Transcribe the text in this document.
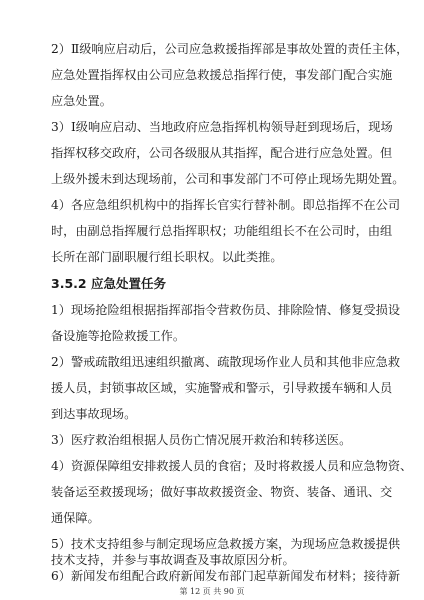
2）Ⅱ级响应启动后，公司应急救援指挥部是事故处置的责任主体，
应急处置指挥权由公司应急救援总指挥行使，事发部门配合实施
应急处置。
3）Ⅰ级响应启动、当地政府应急指挥机构领导赶到现场后，现场
指挥权移交政府，公司各级服从其指挥，配合进行应急处置。但
上级外援未到达现场前，公司和事发部门不可停止现场先期处置。
4）各应急组织机构中的指挥长官实行替补制。即总指挥不在公司
时，由副总指挥履行总指挥职权；功能组组长不在公司时，由组
长所在部门副职履行组长职权。以此类推。
3.5.2 应急处置任务
1）现场抢险组根据指挥部指令营救伤员、排除险情、修复受损设
备设施等抢险救援工作。
2）警戒疏散组迅速组织撤离、疏散现场作业人员和其他非应急救
援人员，封锁事故区域，实施警戒和警示，引导救援车辆和人员
到达事故现场。
3）医疗救治组根据人员伤亡情况展开救治和转移送医。
4）资源保障组安排救援人员的食宿；及时将救援人员和应急物资、
装备运至救援现场；做好事故救援资金、物资、装备、通讯、交
通保障。
5）技术支持组参与制定现场应急救援方案，为现场应急救援提供
技术支持，并参与事故调查及事故原因分析。
6）新闻发布组配合政府新闻发布部门起草新闻发布材料；接待新
第 12 页 共 90 页
